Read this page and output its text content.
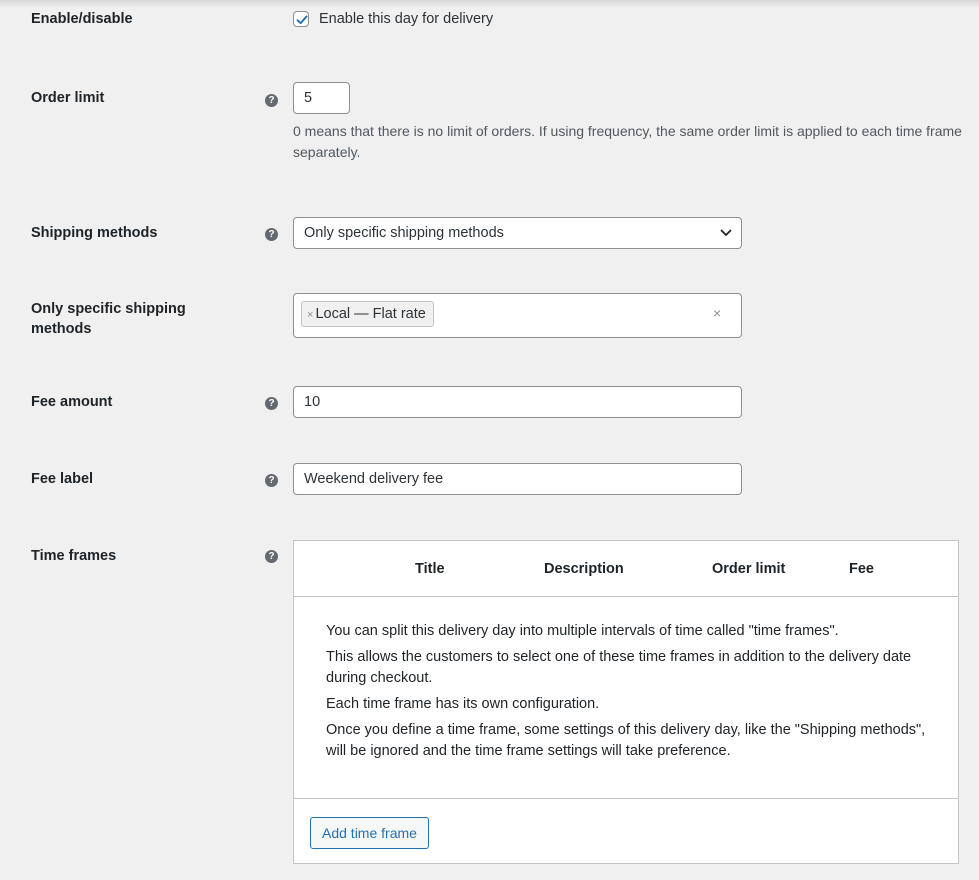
Enable/disable	Enable this day for delivery
Order limit	?	5
0 means that there is no limit of orders. If using frequency, the same order limit is applied to each time frame separately.
Shipping methods	?	Only specific shipping methods
Only specific shipping methods
× Local — Flat rate	×
Fee amount	?	10
Fee label	?	Weekend delivery fee
Time frames	?
Title	Description	Order limit	Fee

You can split this delivery day into multiple intervals of time called "time frames".

This allows the customers to select one of these time frames in addition to the delivery date during checkout.

Each time frame has its own configuration.

Once you define a time frame, some settings of this delivery day, like the "Shipping methods", will be ignored and the time frame settings will take preference.

Add time frame
